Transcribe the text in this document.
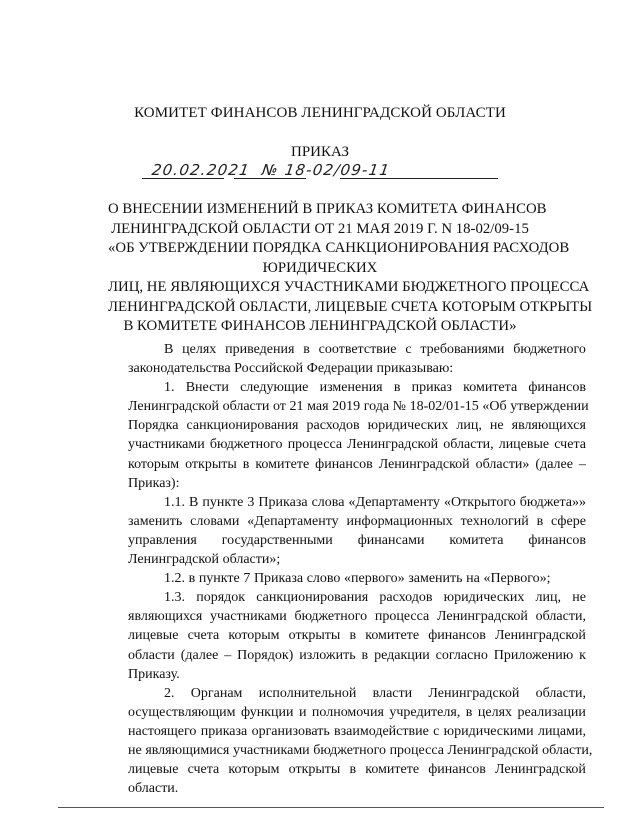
КОМИТЕТ ФИНАНСОВ ЛЕНИНГРАДСКОЙ ОБЛАСТИ
ПРИКАЗ
20.02.2021 № 18-02/09-11
О ВНЕСЕНИИ ИЗМЕНЕНИЙ В ПРИКАЗ КОМИТЕТА ФИНАНСОВ
ЛЕНИНГРАДСКОЙ ОБЛАСТИ ОТ 21 МАЯ 2019 Г. N 18-02/09-15
«ОБ УТВЕРЖДЕНИИ ПОРЯДКА САНКЦИОНИРОВАНИЯ РАСХОДОВ
ЮРИДИЧЕСКИХ
ЛИЦ, НЕ ЯВЛЯЮЩИХСЯ УЧАСТНИКАМИ БЮДЖЕТНОГО ПРОЦЕССА
ЛЕНИНГРАДСКОЙ ОБЛАСТИ, ЛИЦЕВЫЕ СЧЕТА КОТОРЫМ ОТКРЫТЫ
В КОМИТЕТЕ ФИНАНСОВ ЛЕНИНГРАДСКОЙ ОБЛАСТИ»
В целях приведения в соответствие с требованиями бюджетного
законодательства Российской Федерации приказываю:
1. Внести следующие изменения в приказ комитета финансов
Ленинградской области от 21 мая 2019 года № 18-02/01-15 «Об утверждении
Порядка санкционирования расходов юридических лиц, не являющихся
участниками бюджетного процесса Ленинградской области, лицевые счета
которым открыты в комитете финансов Ленинградской области» (далее –
Приказ):
1.1. В пункте 3 Приказа слова «Департаменту «Открытого бюджета»»
заменить словами «Департаменту информационных технологий в сфере
управления государственными финансами комитета финансов
Ленинградской области»;
1.2. в пункте 7 Приказа слово «первого» заменить на «Первого»;
1.3. порядок санкционирования расходов юридических лиц, не
являющихся участниками бюджетного процесса Ленинградской области,
лицевые счета которым открыты в комитете финансов Ленинградской
области (далее – Порядок) изложить в редакции согласно Приложению к
Приказу.
2. Органам исполнительной власти Ленинградской области,
осуществляющим функции и полномочия учредителя, в целях реализации
настоящего приказа организовать взаимодействие с юридическими лицами,
не являющимися участниками бюджетного процесса Ленинградской области,
лицевые счета которым открыты в комитете финансов Ленинградской
области.
